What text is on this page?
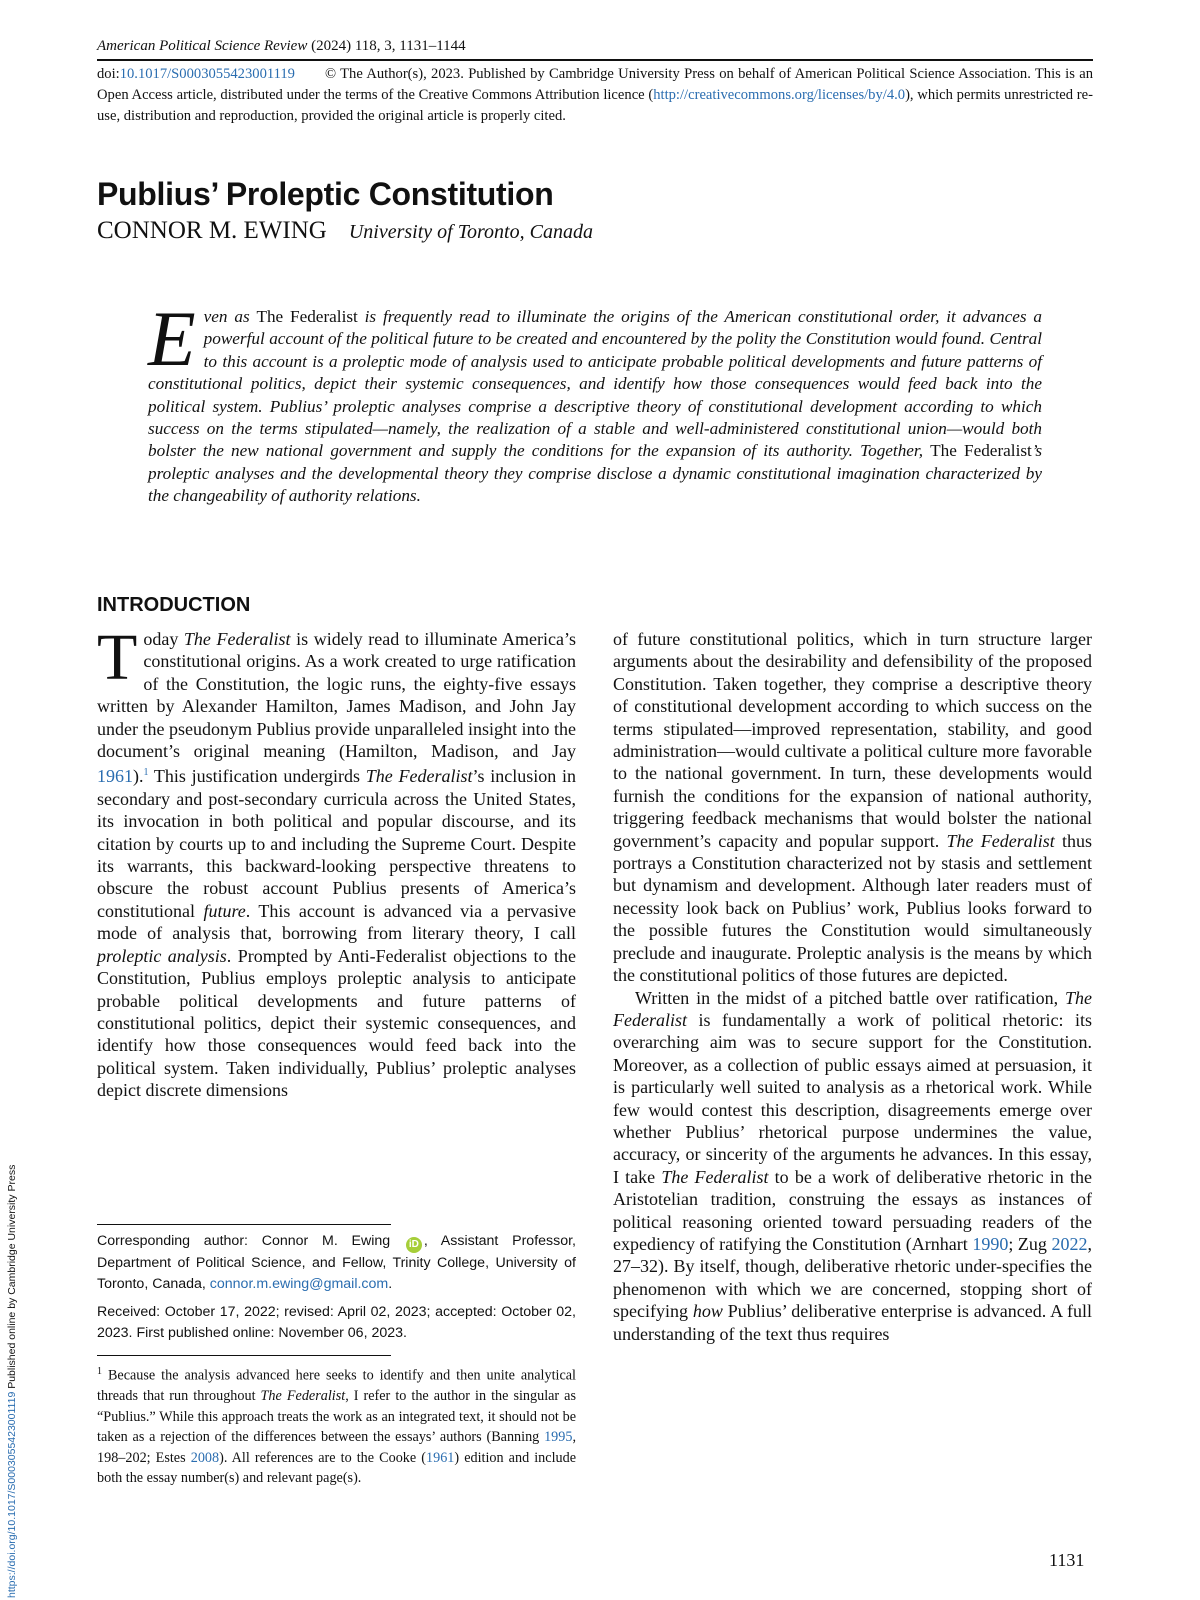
American Political Science Review (2024) 118, 3, 1131–1144
doi:10.1017/S0003055423001119 © The Author(s), 2023. Published by Cambridge University Press on behalf of American Political Science Association. This is an Open Access article, distributed under the terms of the Creative Commons Attribution licence (http://creativecommons.org/licenses/by/4.0), which permits unrestricted re-use, distribution and reproduction, provided the original article is properly cited.
Publius’ Proleptic Constitution
CONNOR M. EWING University of Toronto, Canada
Even as The Federalist is frequently read to illuminate the origins of the American constitutional order, it advances a powerful account of the political future to be created and encountered by the polity the Constitution would found. Central to this account is a proleptic mode of analysis used to anticipate probable political developments and future patterns of constitutional politics, depict their systemic consequences, and identify how those consequences would feed back into the political system. Publius’ proleptic analyses comprise a descriptive theory of constitutional development according to which success on the terms stipulated—namely, the realization of a stable and well-administered constitutional union—would both bolster the new national government and supply the conditions for the expansion of its authority. Together, The Federalist’s proleptic analyses and the developmental theory they comprise disclose a dynamic constitutional imagination characterized by the changeability of authority relations.
INTRODUCTION

Today The Federalist is widely read to illuminate America’s constitutional origins. As a work created to urge ratification of the Constitution, the logic runs, the eighty-five essays written by Alexander Hamilton, James Madison, and John Jay under the pseudonym Publius provide unparalleled insight into the document’s original meaning (Hamilton, Madison, and Jay 1961).$^1$ This justification undergirds The Federalist’s inclusion in secondary and post-secondary curricula across the United States, its invocation in both political and popular discourse, and its citation by courts up to and including the Supreme Court. Despite its warrants, this backward-looking perspective threatens to obscure the robust account Publius presents of America’s constitutional future. This account is advanced via a pervasive mode of analysis that, borrowing from literary theory, I call proleptic analysis. Prompted by Anti-Federalist objections to the Constitution, Publius employs proleptic analysis to anticipate probable political developments and future patterns of constitutional politics, depict their systemic consequences, and identify how those consequences would feed back into the political system. Taken individually, Publius’ proleptic analyses depict discrete dimensions

of future constitutional politics, which in turn structure larger arguments about the desirability and defensibility of the proposed Constitution. Taken together, they comprise a descriptive theory of constitutional development according to which success on the terms stipulated—improved representation, stability, and good administration—would cultivate a political culture more favorable to the national government. In turn, these developments would furnish the conditions for the expansion of national authority, triggering feedback mechanisms that would bolster the national government’s capacity and popular support. The Federalist thus portrays a Constitution characterized not by stasis and settlement but dynamism and development. Although later readers must of necessity look back on Publius’ work, Publius looks forward to the possible futures the Constitution would simultaneously preclude and inaugurate. Proleptic analysis is the means by which the constitutional politics of those futures are depicted.

Written in the midst of a pitched battle over ratification, The Federalist is fundamentally a work of political rhetoric: its overarching aim was to secure support for the Constitution. Moreover, as a collection of public essays aimed at persuasion, it is particularly well suited to analysis as a rhetorical work. While few would contest this description, disagreements emerge over whether Publius’ rhetorical purpose undermines the value, accuracy, or sincerity of the arguments he advances. In this essay, I take The Federalist to be a work of deliberative rhetoric in the Aristotelian tradition, construing the essays as instances of political reasoning oriented toward persuading readers of the expediency of ratifying the Constitution (Arnhart 1990; Zug 2022, 27–32). By itself, though, deliberative rhetoric under-specifies the phenomenon with which we are concerned, stopping short of specifying how Publius’ deliberative enterprise is advanced. A full understanding of the text thus requires

Corresponding author: Connor M. Ewing iD , Assistant Professor, Department of Political Science, and Fellow, Trinity College, University of Toronto, Canada, connor.m.ewing@gmail.com.

Received: October 17, 2022; revised: April 02, 2023; accepted: October 02, 2023. First published online: November 06, 2023.

$^1$ Because the analysis advanced here seeks to identify and then unite analytical threads that run throughout The Federalist, I refer to the author in the singular as “Publius.” While this approach treats the work as an integrated text, it should not be taken as a rejection of the differences between the essays’ authors (Banning 1995, 198–202; Estes 2008). All references are to the Cooke (1961) edition and include both the essay number(s) and relevant page(s).

1131
https://doi.org/10.1017/S0003055423001119 Published online by Cambridge University Press
